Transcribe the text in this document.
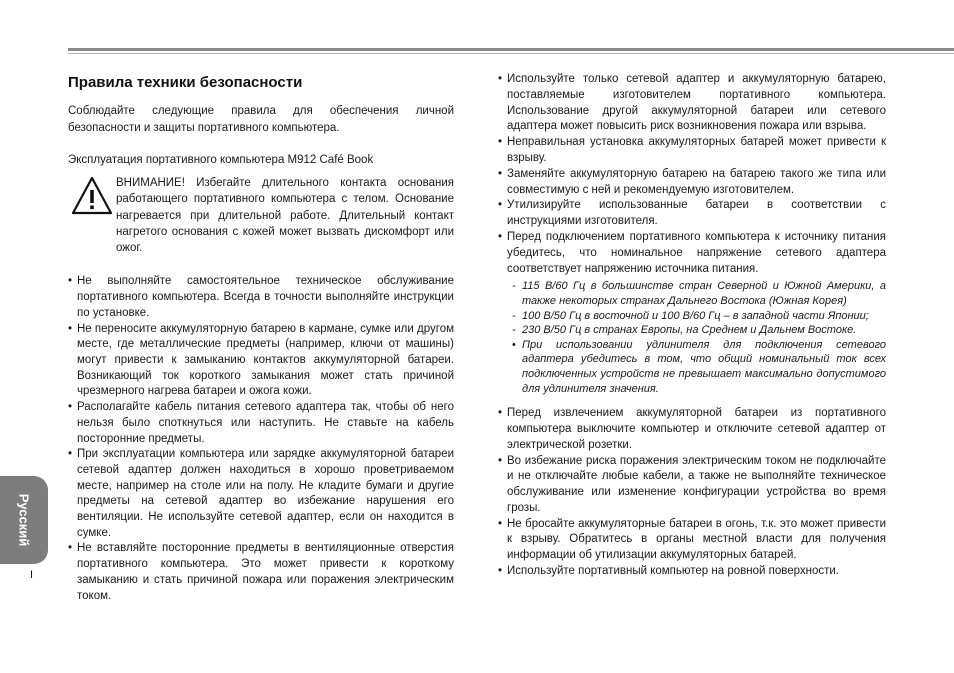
Правила техники безопасности

Соблюдайте следующие правила для обеспечения личной безопасности и защиты портативного компьютера.

Эксплуатация портативного компьютера M912 Café Book

ВНИМАНИЕ! Избегайте длительного контакта основания работающего портативного компьютера с телом. Основание нагревается при длительной работе. Длительный контакт нагретого основания с кожей может вызвать дискомфорт или ожог.
• Не выполняйте самостоятельное техническое обслуживание портативного компьютера. Всегда в точности выполняйте инструкции по установке.
• Не переносите аккумуляторную батарею в кармане, сумке или другом месте, где металлические предметы (например, ключи от машины) могут привести к замыканию контактов аккумуляторной батареи. Возникающий ток короткого замыкания может стать причиной чрезмерного нагрева батареи и ожога кожи.
• Располагайте кабель питания сетевого адаптера так, чтобы об него нельзя было споткнуться или наступить. Не ставьте на кабель посторонние предметы.
• При эксплуатации компьютера или зарядке аккумуляторной батареи сетевой адаптер должен находиться в хорошо проветриваемом месте, например на столе или на полу. Не кладите бумаги и другие предметы на сетевой адаптер во избежание нарушения его вентиляции. Не используйте сетевой адаптер, если он находится в сумке.
• Не вставляйте посторонние предметы в вентиляционные отверстия портативного компьютера. Это может привести к короткому замыканию и стать причиной пожара или поражения электрическим током.
• Используйте только сетевой адаптер и аккумуляторную батарею, поставляемые изготовителем портативного компьютера. Использование другой аккумуляторной батареи или сетевого адаптера может повысить риск возникновения пожара или взрыва.
• Неправильная установка аккумуляторных батарей может привести к взрыву.
• Заменяйте аккумуляторную батарею на батарею такого же типа или совместимую с ней и рекомендуемую изготовителем.
• Утилизируйте использованные батареи в соответствии с инструкциями изготовителя.
• Перед подключением портативного компьютера к источнику питания убедитесь, что номинальное напряжение сетевого адаптера соответствует напряжению источника питания.
- 115 В/60 Гц в большинстве стран Северной и Южной Америки, а также некоторых странах Дальнего Востока (Южная Корея)
- 100 В/50 Гц в восточной и 100 В/60 Гц – в западной части Японии;
- 230 В/50 Гц в странах Европы, на Среднем и Дальнем Востоке.
• При использовании удлинителя для подключения сетевого адаптера убедитесь в том, что общий номинальный ток всех подключенных устройств не превышает максимально допустимого для удлинителя значения.
• Перед извлечением аккумуляторной батареи из портативного компьютера выключите компьютер и отключите сетевой адаптер от электрической розетки.
• Во избежание риска поражения электрическим током не подключайте и не отключайте любые кабели, а также не выполняйте техническое обслуживание или изменение конфигурации устройства во время грозы.
• Не бросайте аккумуляторные батареи в огонь, т.к. это может привести к взрыву. Обратитесь в органы местной власти для получения информации об утилизации аккумуляторных батарей.
• Используйте портативный компьютер на ровной поверхности.
Русский
I
